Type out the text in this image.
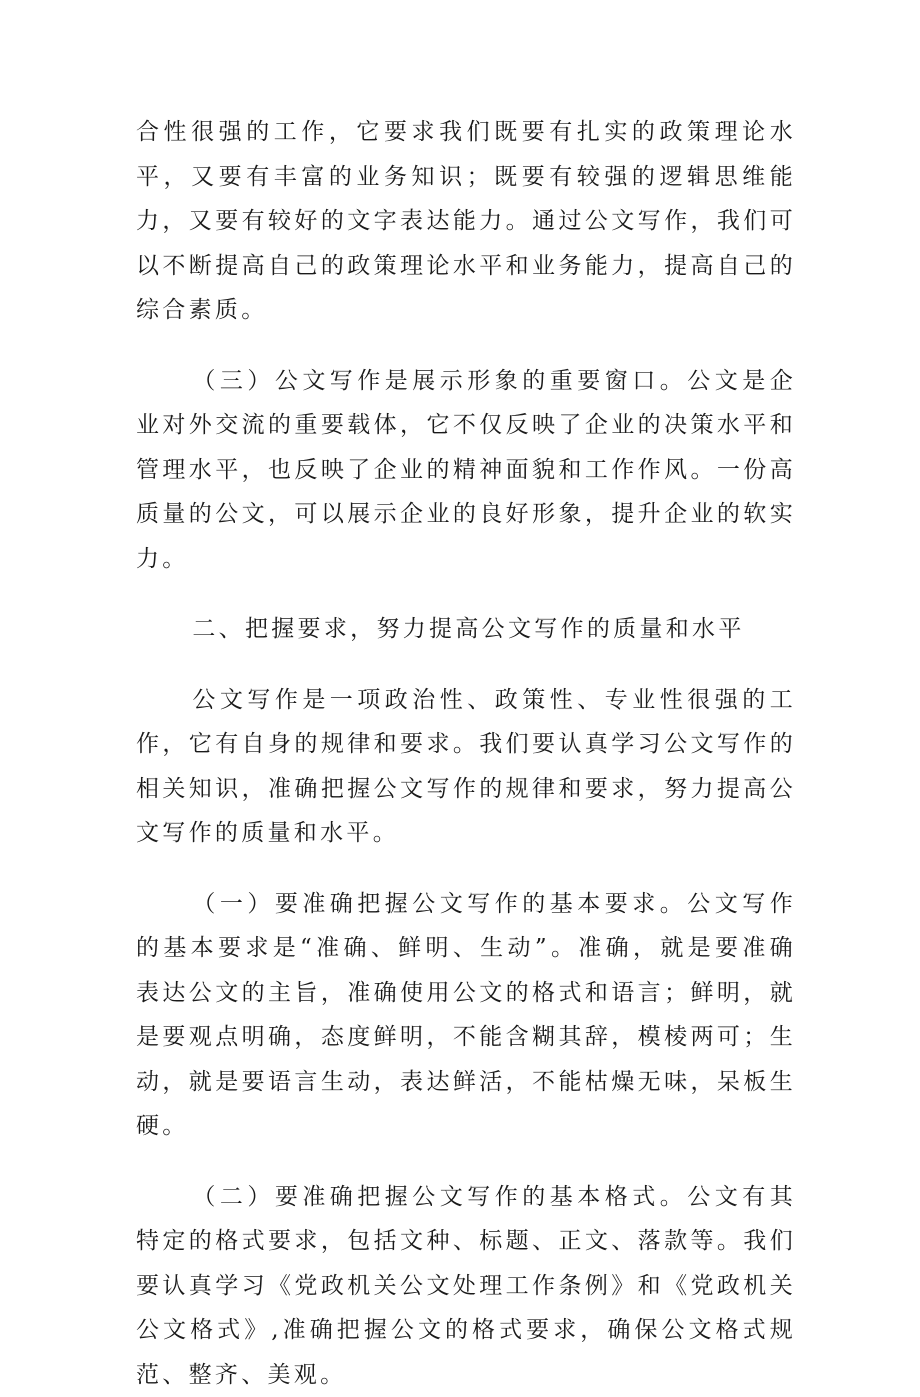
合性很强的工作，它要求我们既要有扎实的政策理论水平，又要有丰富的业务知识；既要有较强的逻辑思维能力，又要有较好的文字表达能力。通过公文写作，我们可以不断提高自己的政策理论水平和业务能力，提高自己的综合素质。

（三）公文写作是展示形象的重要窗口。公文是企业对外交流的重要载体，它不仅反映了企业的决策水平和管理水平，也反映了企业的精神面貌和工作作风。一份高质量的公文，可以展示企业的良好形象，提升企业的软实力。

二、把握要求，努力提高公文写作的质量和水平

公文写作是一项政治性、政策性、专业性很强的工作，它有自身的规律和要求。我们要认真学习公文写作的相关知识，准确把握公文写作的规律和要求，努力提高公文写作的质量和水平。

（一）要准确把握公文写作的基本要求。公文写作的基本要求是“准确、鲜明、生动”。准确，就是要准确表达公文的主旨，准确使用公文的格式和语言；鲜明，就是要观点明确，态度鲜明，不能含糊其辞，模棱两可；生动，就是要语言生动，表达鲜活，不能枯燥无味，呆板生硬。

（二）要准确把握公文写作的基本格式。公文有其特定的格式要求，包括文种、标题、正文、落款等。我们要认真学习《党政机关公文处理工作条例》和《党政机关公文格式》,准确把握公文的格式要求，确保公文格式规范、整齐、美观。
